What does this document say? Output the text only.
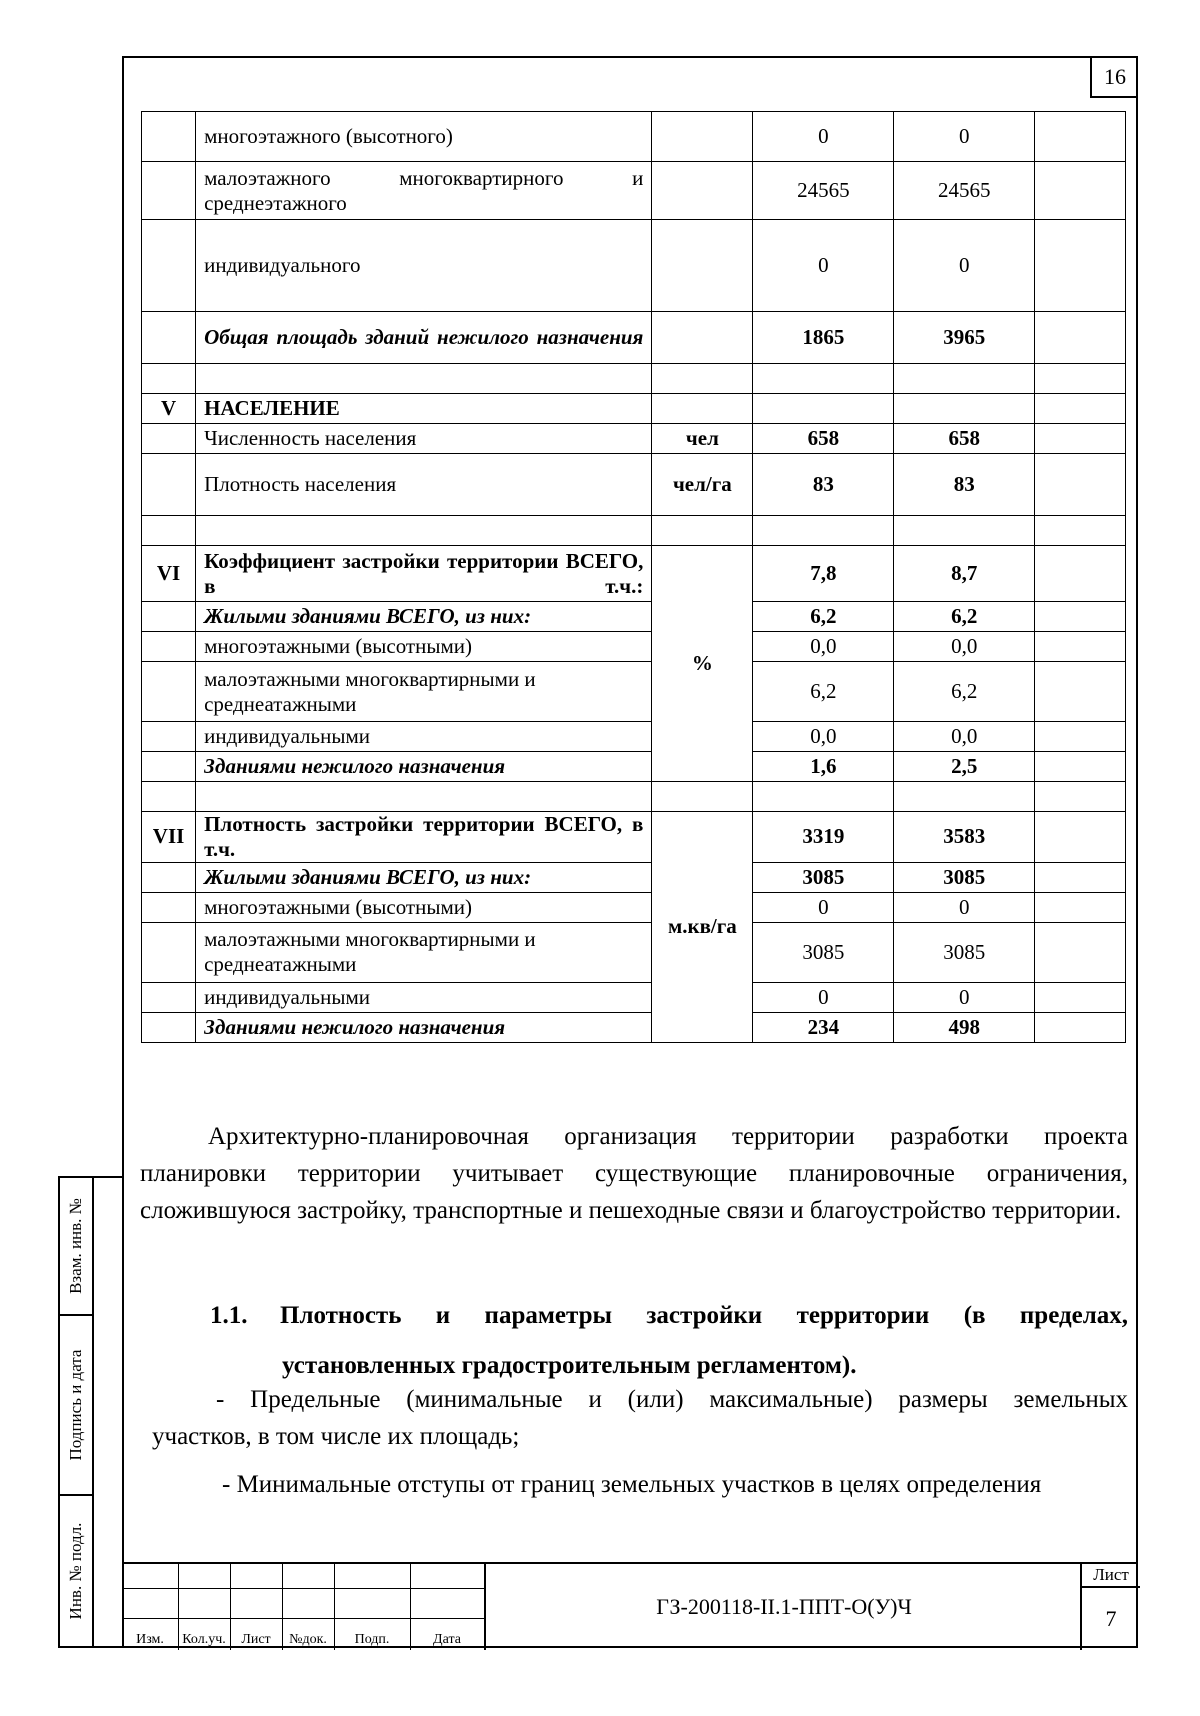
16
	многоэтажного (высотного)		0	0	
	малоэтажного многоквартирного и среднеэтажного		24565	24565	
	индивидуального		0	0	
	Общая площадь зданий нежилого назначения		1865	3965	

V	НАСЕЛЕНИЕ				
	Численность населения	чел	658	658	
	Плотность населения	чел/га	83	83	

VI	Коэффициент застройки территории ВСЕГО, в т.ч.:	%	7,8	8,7	
	Жилыми зданиями ВСЕГО, из них:		6,2	6,2	
	многоэтажными (высотными)		0,0	0,0	
	малоэтажными многоквартирными и среднеатажными		6,2	6,2	
	индивидуальными		0,0	0,0	
	Зданиями нежилого назначения		1,6	2,5	

VII	Плотность застройки территории ВСЕГО, в т.ч.	м.кв/га	3319	3583	
	Жилыми зданиями ВСЕГО, из них:		3085	3085	
	многоэтажными (высотными)		0	0	
	малоэтажными многоквартирными и среднеатажными		3085	3085	
	индивидуальными		0	0	
	Зданиями нежилого назначения		234	498	
Архитектурно-планировочная организация территории разработки проекта планировки территории учитывает существующие планировочные ограничения, сложившуюся застройку, транспортные и пешеходные связи и благоустройство территории.
1.1. Плотность и параметры застройки территории (в пределах,
установленных градостроительным регламентом).
- Предельные (минимальные и (или) максимальные) размеры земельных
участков, в том числе их площадь;
- Минимальные отступы от границ земельных участков в целях определения
Взам. инв. №
Подпись и дата
Инв. № подл.
Изм.	Кол.уч.	Лист	№док.	Подп.	Дата
ГЗ-200118-II.1-ППТ-О(У)Ч
Лист
7
